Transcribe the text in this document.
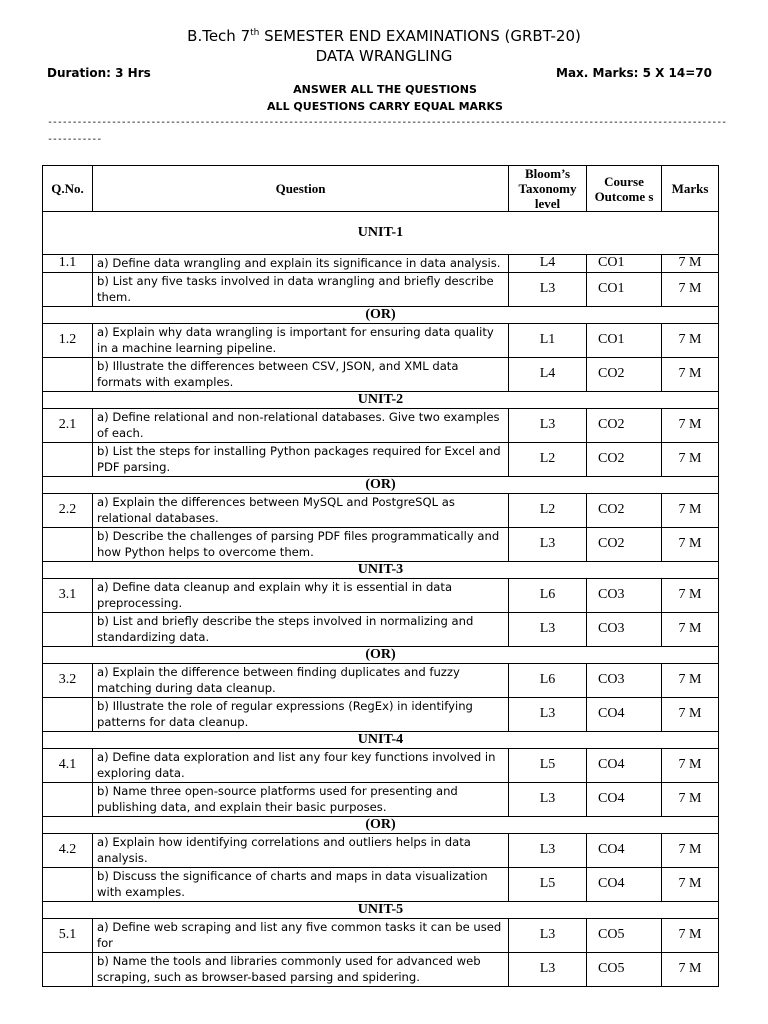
B.Tech 7th SEMESTER END EXAMINATIONS (GRBT-20)
DATA WRANGLING
Duration: 3 Hrs	Max. Marks: 5 X 14=70
ANSWER ALL THE QUESTIONS
ALL QUESTIONS CARRY EQUAL MARKS
-----------------------------------------------------------------------------------------------------------------------------------------------------
Q.No.	Question	Bloom’s Taxonomy level	Course Outcome s	Marks
UNIT-1				
1.1	a) Define data wrangling and explain its significance in data analysis.	L4	CO1	7 M
	b) List any five tasks involved in data wrangling and briefly describe them.	L3	CO1	7 M
(OR)				
1.2	a) Explain why data wrangling is important for ensuring data quality in a machine learning pipeline.	L1	CO1	7 M
	b) Illustrate the differences between CSV, JSON, and XML data formats with examples.	L4	CO2	7 M
UNIT-2				
2.1	a) Define relational and non-relational databases. Give two examples of each.	L3	CO2	7 M
	b) List the steps for installing Python packages required for Excel and PDF parsing.	L2	CO2	7 M
(OR)				
2.2	a) Explain the differences between MySQL and PostgreSQL as relational databases.	L2	CO2	7 M
	b) Describe the challenges of parsing PDF files programmatically and how Python helps to overcome them.	L3	CO2	7 M
UNIT-3				
3.1	a) Define data cleanup and explain why it is essential in data preprocessing.	L6	CO3	7 M
	b) List and briefly describe the steps involved in normalizing and standardizing data.	L3	CO3	7 M
(OR)				
3.2	a) Explain the difference between finding duplicates and fuzzy matching during data cleanup.	L6	CO3	7 M
	b) Illustrate the role of regular expressions (RegEx) in identifying patterns for data cleanup.	L3	CO4	7 M
UNIT-4				
4.1	a) Define data exploration and list any four key functions involved in exploring data.	L5	CO4	7 M
	b) Name three open-source platforms used for presenting and publishing data, and explain their basic purposes.	L3	CO4	7 M
(OR)				
4.2	a) Explain how identifying correlations and outliers helps in data analysis.	L3	CO4	7 M
	b) Discuss the significance of charts and maps in data visualization with examples.	L5	CO4	7 M
UNIT-5				
5.1	a) Define web scraping and list any five common tasks it can be used for	L3	CO5	7 M
	b) Name the tools and libraries commonly used for advanced web scraping, such as browser-based parsing and spidering.	L3	CO5	7 M
